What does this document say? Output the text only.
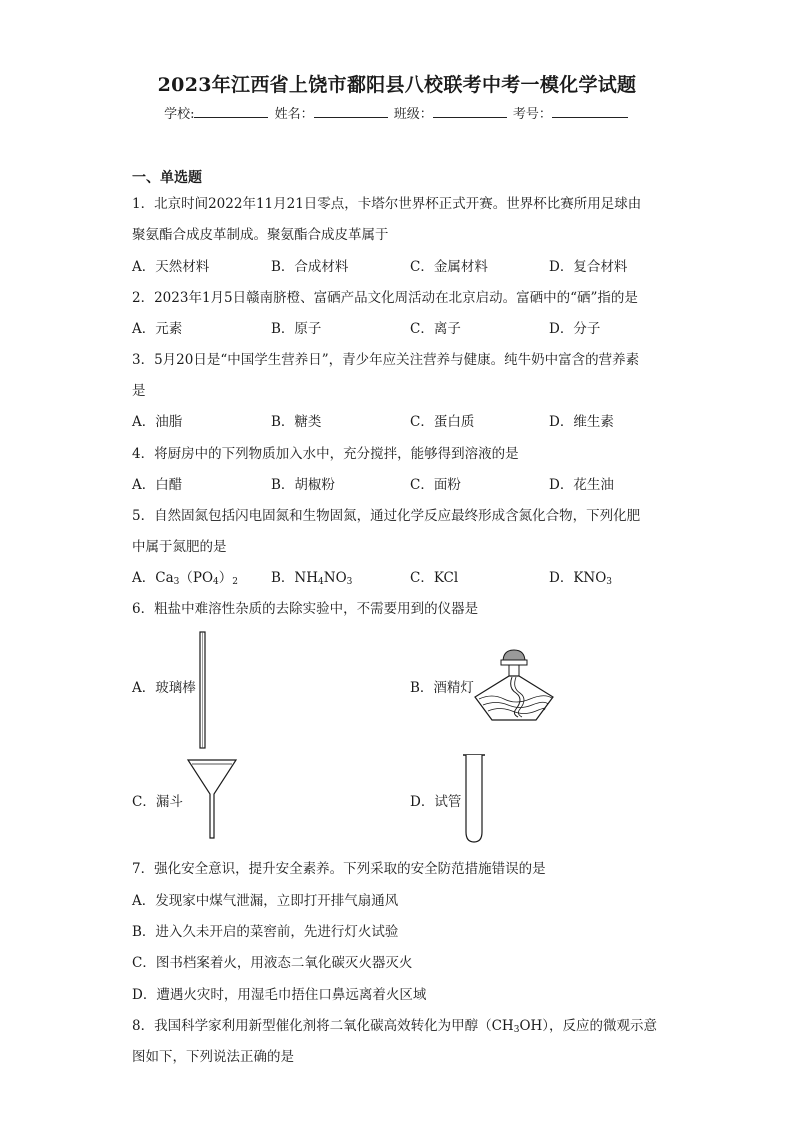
2023年江西省上饶市鄱阳县八校联考中考一模化学试题
学校:	姓名：	班级：	考号：
一、单选题
1．北京时间2022年11月21日零点，卡塔尔世界杯正式开赛。世界杯比赛所用足球由
聚氨酯合成皮革制成。聚氨酯合成皮革属于
A．天然材料	B．合成材料	C．金属材料	D．复合材料
2．2023年1月5日赣南脐橙、富硒产品文化周活动在北京启动。富硒中的“硒”指的是
A．元素	B．原子	C．离子	D．分子
3．5月20日是“中国学生营养日”，青少年应关注营养与健康。纯牛奶中富含的营养素
是
A．油脂	B．糖类	C．蛋白质	D．维生素
4．将厨房中的下列物质加入水中，充分搅拌，能够得到溶液的是
A．白醋	B．胡椒粉	C．面粉	D．花生油
5．自然固氮包括闪电固氮和生物固氮，通过化学反应最终形成含氮化合物，下列化肥
中属于氮肥的是
A．$Ca_3(PO_4)_2$ B．$NH_4NO_3$	C．KCl	D．$KNO_3$
6．粗盐中难溶性杂质的去除实验中，不需要用到的仪器是
A．玻璃棒	B．酒精灯
C．漏斗	D．试管
7．强化安全意识，提升安全素养。下列采取的安全防范措施错误的是
A．发现家中煤气泄漏，立即打开排气扇通风
B．进入久未开启的菜窖前，先进行灯火试验
C．图书档案着火，用液态二氧化碳灭火器灭火
D．遭遇火灾时，用湿毛巾捂住口鼻远离着火区域
8．我国科学家利用新型催化剂将二氧化碳高效转化为甲醇$(CH_3OH)$，反应的微观示意
图如下，下列说法正确的是
